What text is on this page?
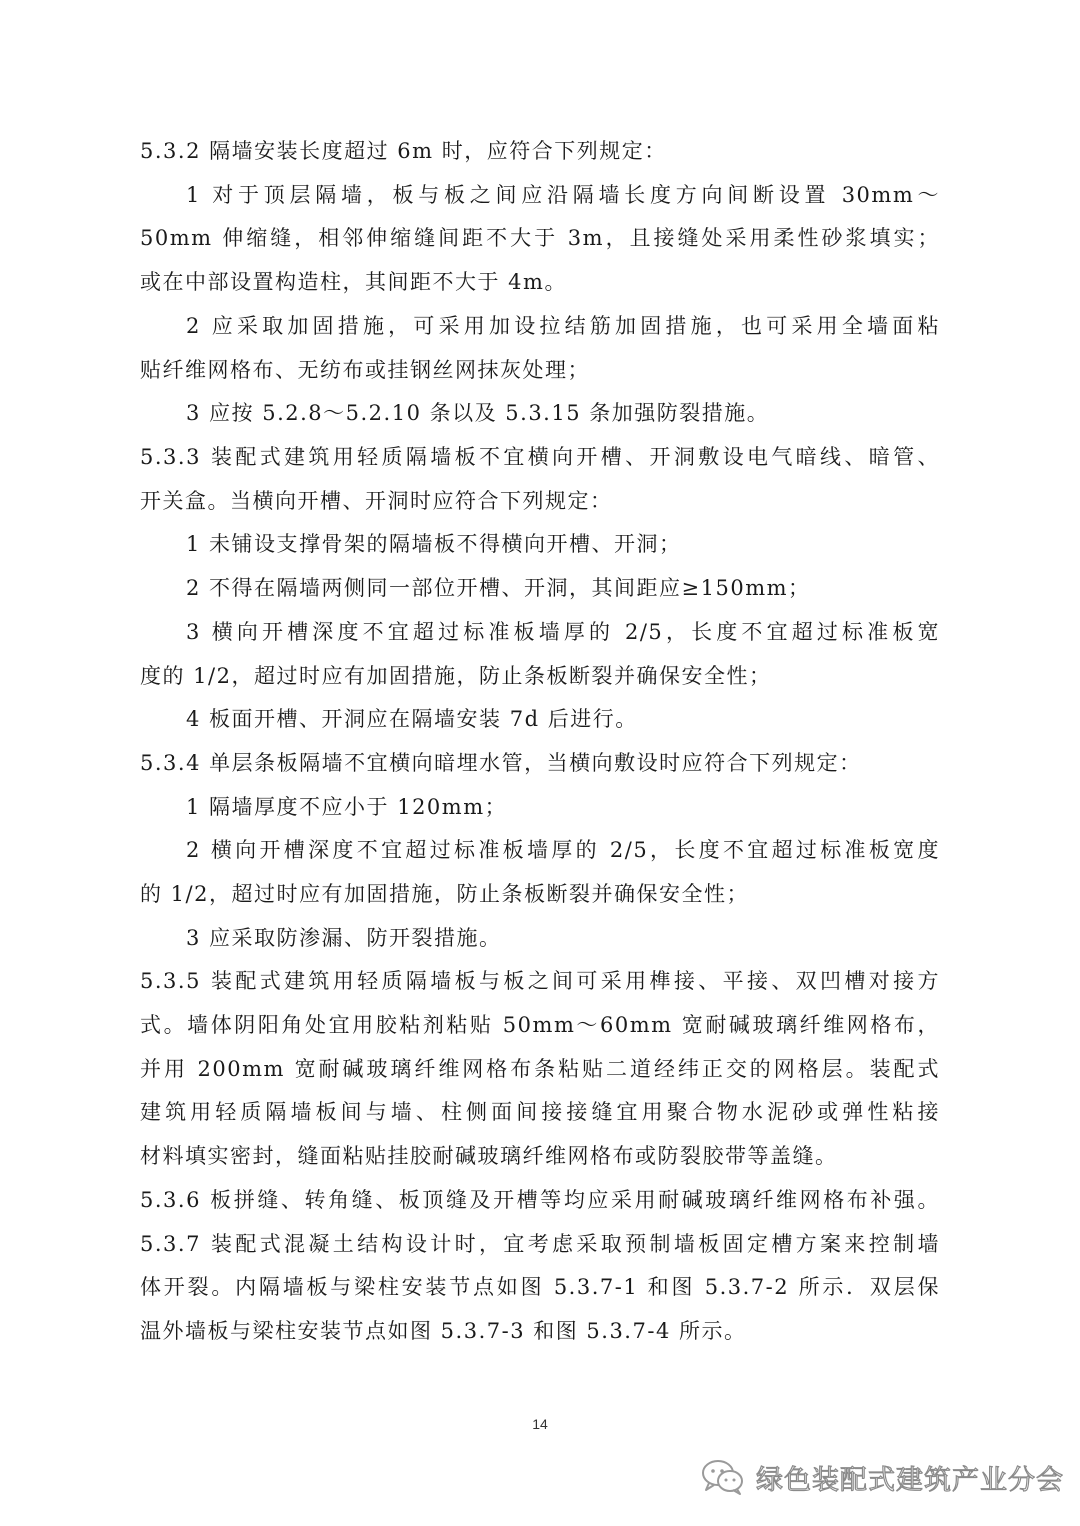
5.3.2 隔墙安装长度超过 6m 时，应符合下列规定：
1 对于顶层隔墙，板与板之间应沿隔墙长度方向间断设置 30mm～
50mm 伸缩缝，相邻伸缩缝间距不大于 3m，且接缝处采用柔性砂浆填实；
或在中部设置构造柱，其间距不大于 4m。
2 应采取加固措施，可采用加设拉结筋加固措施，也可采用全墙面粘
贴纤维网格布、无纺布或挂钢丝网抹灰处理；
3 应按 5.2.8～5.2.10 条以及 5.3.15 条加强防裂措施。
5.3.3 装配式建筑用轻质隔墙板不宜横向开槽、开洞敷设电气暗线、暗管、
开关盒。当横向开槽、开洞时应符合下列规定：
1 未铺设支撑骨架的隔墙板不得横向开槽、开洞；
2 不得在隔墙两侧同一部位开槽、开洞，其间距应≥150mm；
3 横向开槽深度不宜超过标准板墙厚的 2/5，长度不宜超过标准板宽
度的 1/2，超过时应有加固措施，防止条板断裂并确保安全性；
4 板面开槽、开洞应在隔墙安装 7d 后进行。
5.3.4 单层条板隔墙不宜横向暗埋水管，当横向敷设时应符合下列规定：
1 隔墙厚度不应小于 120mm；
2 横向开槽深度不宜超过标准板墙厚的 2/5，长度不宜超过标准板宽度
的 1/2，超过时应有加固措施，防止条板断裂并确保安全性；
3 应采取防渗漏、防开裂措施。
5.3.5 装配式建筑用轻质隔墙板与板之间可采用榫接、平接、双凹槽对接方
式。墙体阴阳角处宜用胶粘剂粘贴 50mm～60mm 宽耐碱玻璃纤维网格布，
并用 200mm 宽耐碱玻璃纤维网格布条粘贴二道经纬正交的网格层。装配式
建筑用轻质隔墙板间与墙、柱侧面间接接缝宜用聚合物水泥砂或弹性粘接
材料填实密封，缝面粘贴挂胶耐碱玻璃纤维网格布或防裂胶带等盖缝。
5.3.6 板拼缝、转角缝、板顶缝及开槽等均应采用耐碱玻璃纤维网格布补强。
5.3.7 装配式混凝土结构设计时，宜考虑采取预制墙板固定槽方案来控制墙
体开裂。内隔墙板与梁柱安装节点如图 5.3.7-1 和图 5.3.7-2 所示．双层保
温外墙板与梁柱安装节点如图 5.3.7-3 和图 5.3.7-4 所示。
14
绿色装配式建筑产业分会
